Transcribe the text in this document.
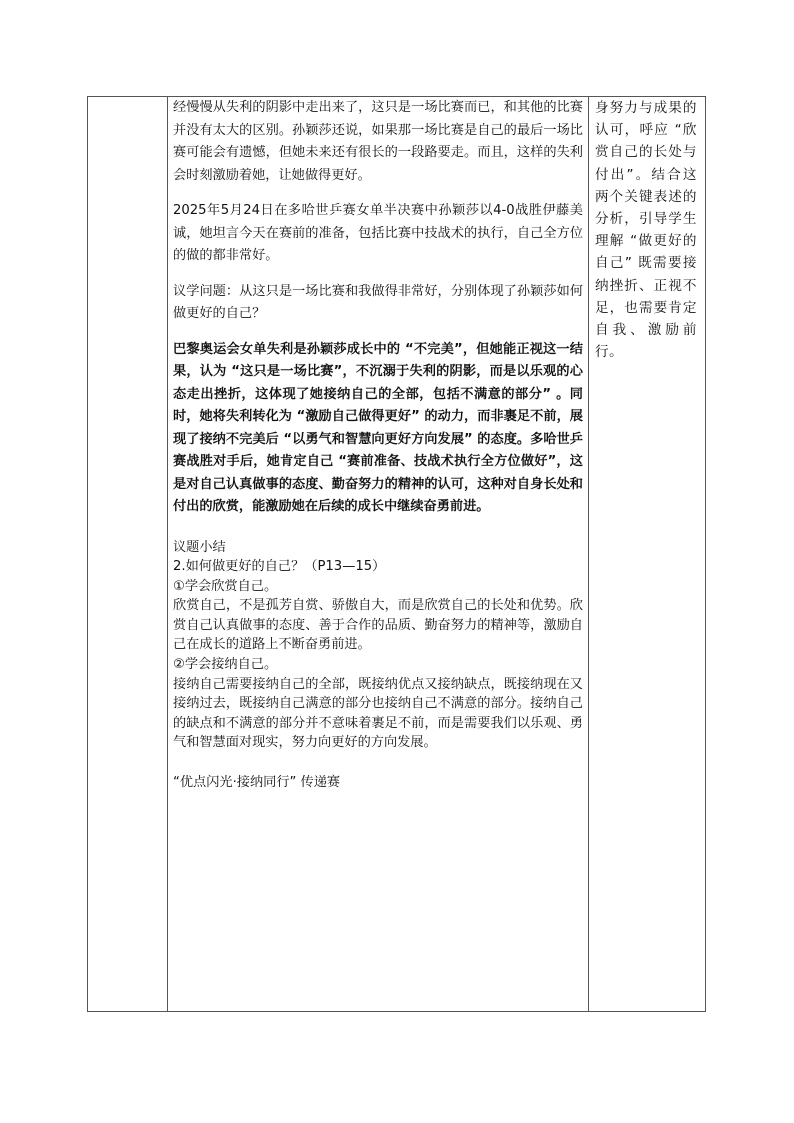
经慢慢从失利的阴影中走出来了，这只是一场比赛而已，和其他的比赛并没有太大的区别。孙颖莎还说，如果那一场比赛是自己的最后一场比赛可能会有遗憾，但她未来还有很长的一段路要走。而且，这样的失利会时刻激励着她，让她做得更好。

2025年5月24日在多哈世乒赛女单半决赛中孙颖莎以4-0战胜伊藤美诚，她坦言今天在赛前的准备，包括比赛中技战术的执行，自己全方位的做的都非常好。

议学问题：从这只是一场比赛和我做得非常好，分别体现了孙颖莎如何做更好的自己？

巴黎奥运会女单失利是孙颖莎成长中的 “不完美”，但她能正视这一结果，认为 “这只是一场比赛”，不沉溺于失利的阴影，而是以乐观的心态走出挫折，这体现了她接纳自己的全部，包括不满意的部分” 。同时，她将失利转化为 “激励自己做得更好” 的动力，而非裹足不前，展现了接纳不完美后 “以勇气和智慧向更好方向发展” 的态度。多哈世乒赛战胜对手后，她肯定自己 “赛前准备、技战术执行全方位做好”，这是对自己认真做事的态度、勤奋努力的精神的认可，这种对自身长处和付出的欣赏，能激励她在后续的成长中继续奋勇前进。

议题小结

2.如何做更好的自己？（P13—15）

①学会欣赏自己。

欣赏自己，不是孤芳自赏、骄傲自大，而是欣赏自己的长处和优势。欣赏自己认真做事的态度、善于合作的品质、勤奋努力的精神等，激励自己在成长的道路上不断奋勇前进。

②学会接纳自己。

接纳自己需要接纳自己的全部，既接纳优点又接纳缺点，既接纳现在又接纳过去，既接纳自己满意的部分也接纳自己不满意的部分。接纳自己的缺点和不满意的部分并不意味着裹足不前，而是需要我们以乐观、勇气和智慧面对现实，努力向更好的方向发展。

“优点闪光·接纳同行” 传递赛

身努力与成果的认可，呼应 “欣赏自己的长处与付出”。结合这两个关键表述的分析，引导学生理解 “做更好的自己” 既需要接纳挫折、正视不足，也需要肯定自我、激励前行。
